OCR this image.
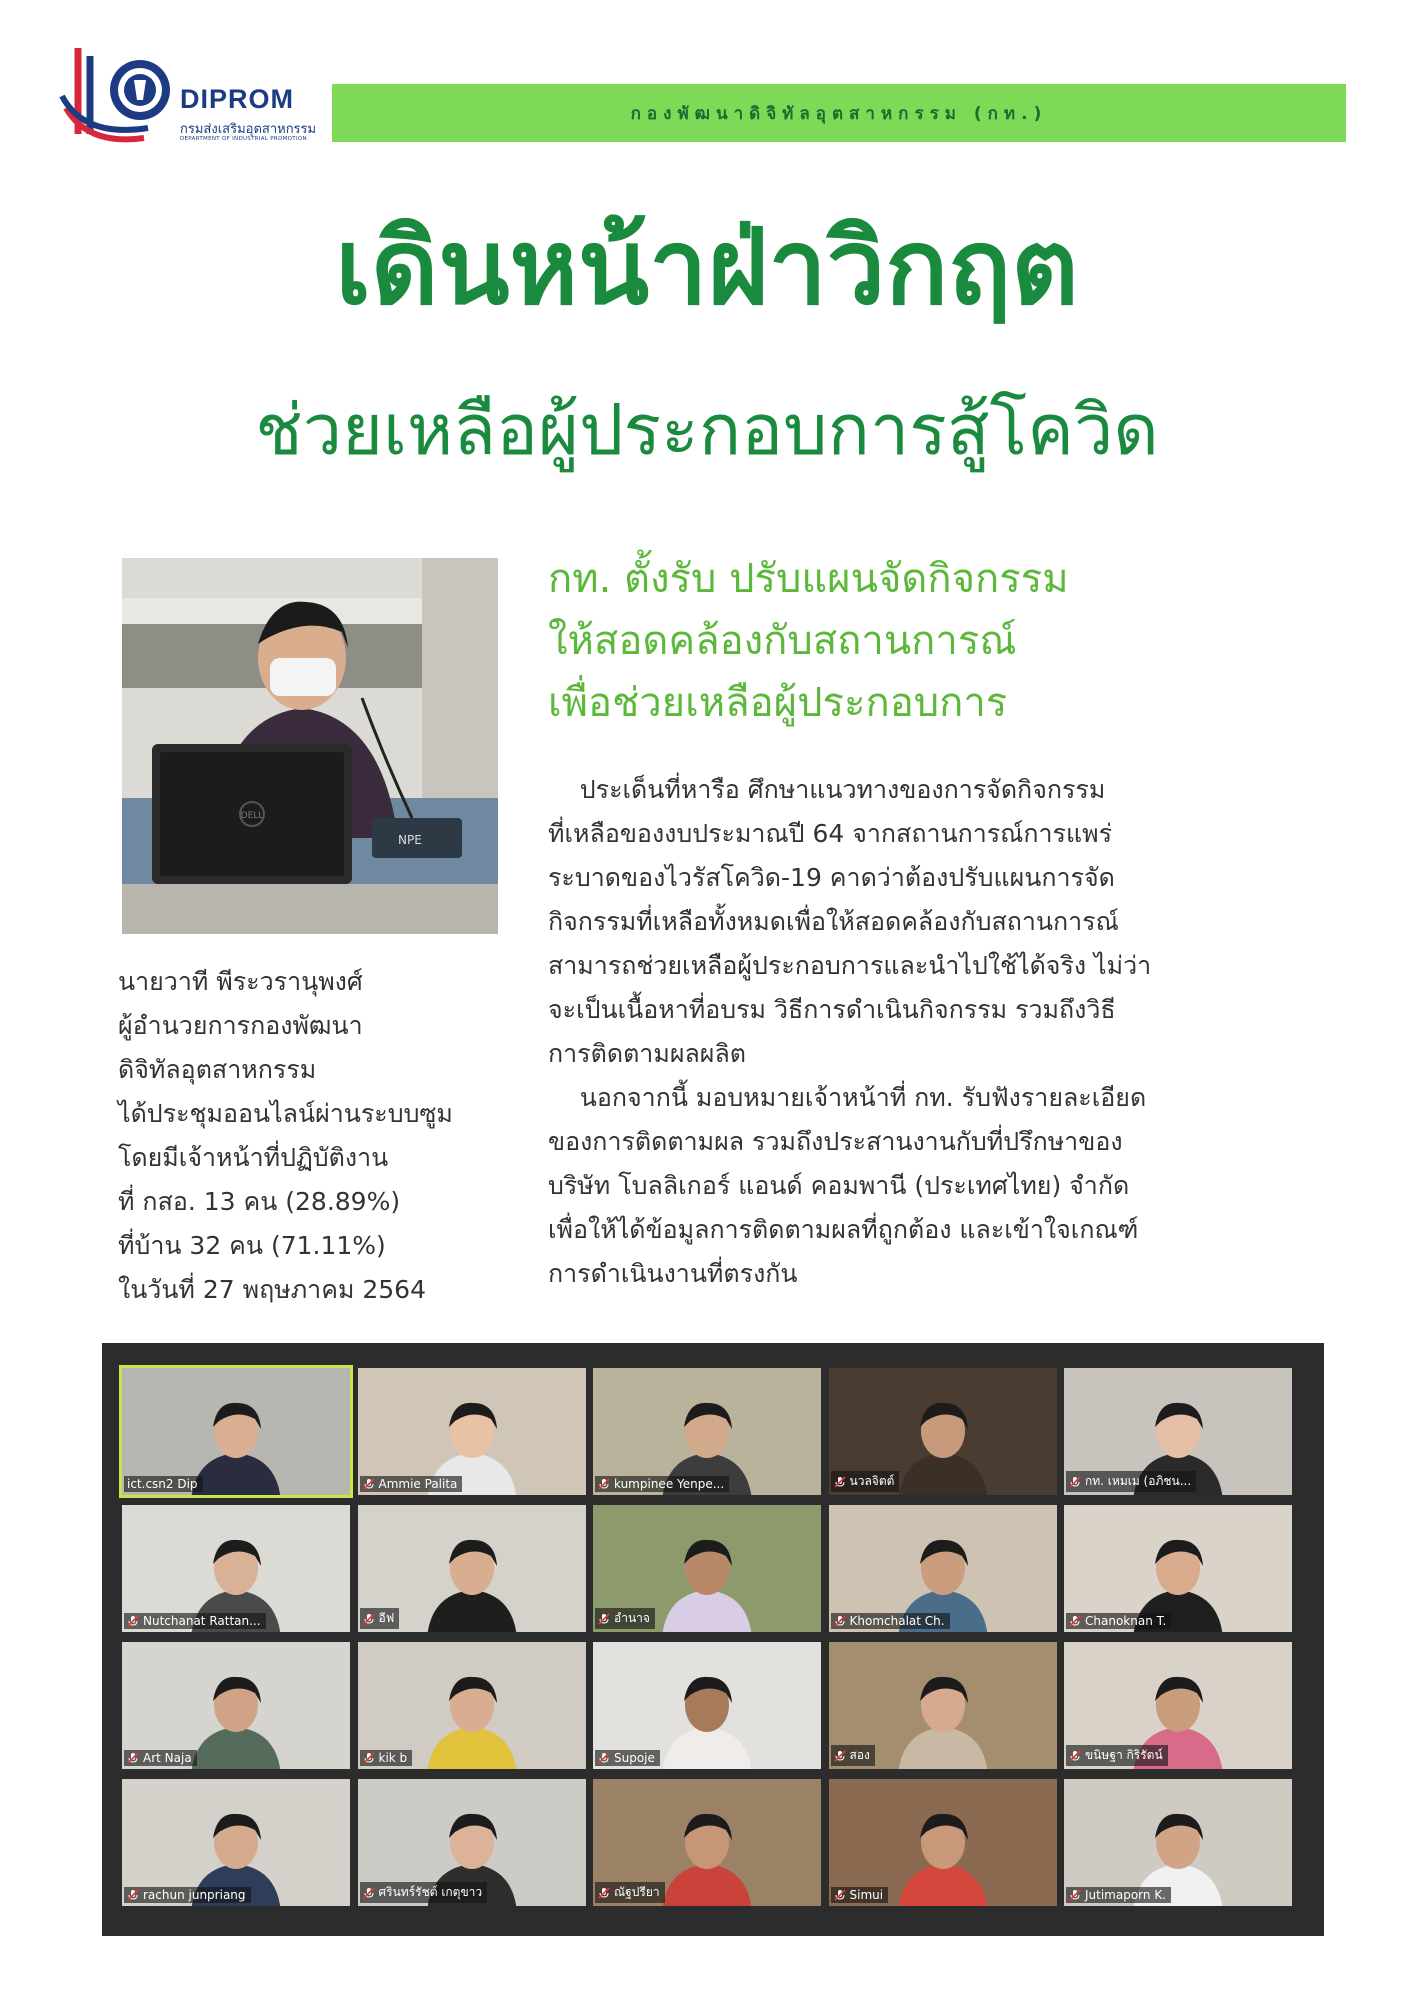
DIPROM
กรมส่งเสริมอุตสาหกรรม
DEPARTMENT OF INDUSTRIAL PROMOTION
กองพัฒนาดิจิทัลอุตสาหกรรม (กท.)
เดินหน้าฝ่าวิกฤต
ช่วยเหลือผู้ประกอบการสู้โควิด
DELL
NPE
นายวาที พีระวรานุพงศ์
ผู้อำนวยการกองพัฒนา
ดิจิทัลอุตสาหกรรม
ได้ประชุมออนไลน์ผ่านระบบซูม
โดยมีเจ้าหน้าที่ปฏิบัติงาน
ที่ กสอ. 13 คน (28.89%)
ที่บ้าน 32 คน (71.11%)
ในวันที่ 27 พฤษภาคม 2564
กท. ตั้งรับ ปรับแผนจัดกิจกรรม
ให้สอดคล้องกับสถานการณ์
เพื่อช่วยเหลือผู้ประกอบการ
ประเด็นที่หารือ ศึกษาแนวทางของการจัดกิจกรรม
ที่เหลือของงบประมาณปี 64 จากสถานการณ์การแพร่
ระบาดของไวรัสโควิด-19 คาดว่าต้องปรับแผนการจัด
กิจกรรมที่เหลือทั้งหมดเพื่อให้สอดคล้องกับสถานการณ์
สามารถช่วยเหลือผู้ประกอบการและนำไปใช้ได้จริง ไม่ว่า
จะเป็นเนื้อหาที่อบรม วิธีการดำเนินกิจกรรม รวมถึงวิธี
การติดตามผลผลิต
นอกจากนี้ มอบหมายเจ้าหน้าที่ กท. รับฟังรายละเอียด
ของการติดตามผล รวมถึงประสานงานกับที่ปรึกษาของ
บริษัท โบลลิเกอร์ แอนด์ คอมพานี (ประเทศไทย) จำกัด
เพื่อให้ได้ข้อมูลการติดตามผลที่ถูกต้อง และเข้าใจเกณฑ์
การดำเนินงานที่ตรงกัน
ict.csn2 Dip	Ammie Palita	kumpinee Yenpe...	นวลจิตต์	กท. เหมเม (อภิชน...
Nutchanat Rattan...	อีฟ	อำนาจ	Khomchalat Ch.	Chanoknan T.
Art Naja	kik b	Supoje	สอง	ขนิษฐา กิริรัตน์
rachun junpriang	ศรินทร์รัชต์ เกตุขาว	ณัฐปรียา	Simui	Jutimaporn K.
